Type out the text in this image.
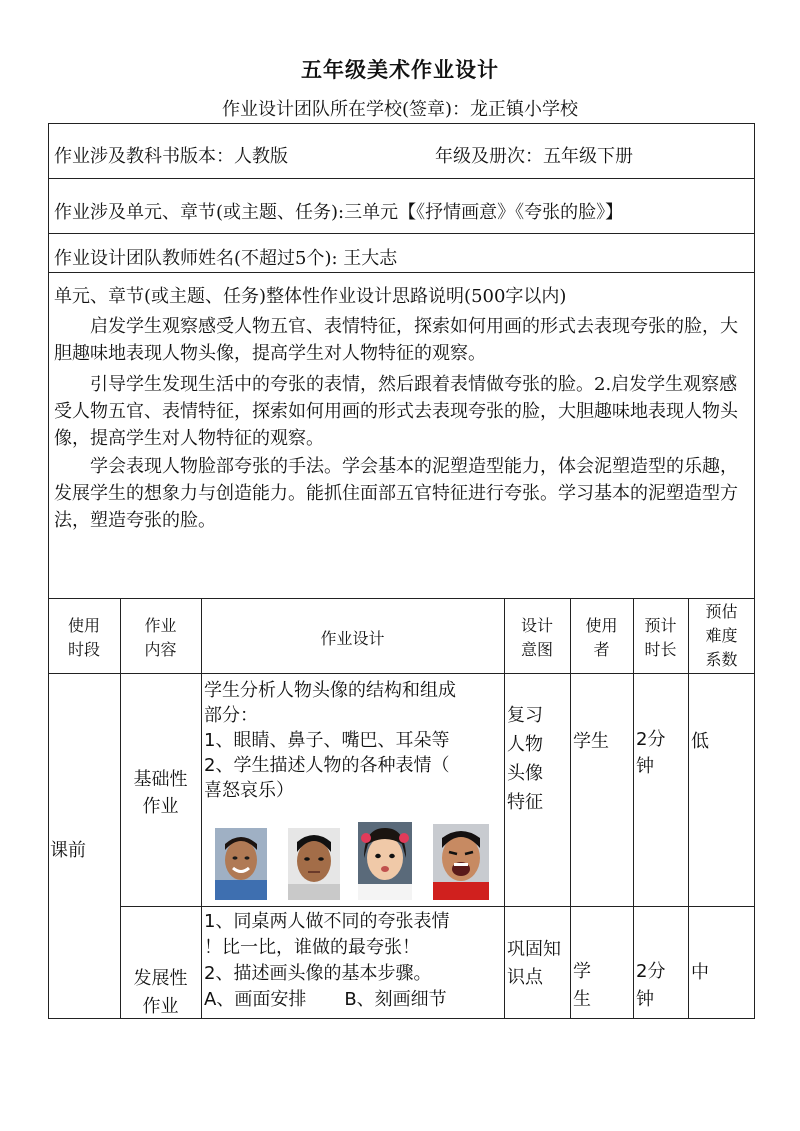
五年级美术作业设计
作业设计团队所在学校(签章)：龙正镇小学校
作业涉及教科书版本：人教版	年级及册次：五年级下册
作业涉及单元、章节(或主题、任务):三单元【《抒情画意》《夸张的脸》】
作业设计团队教师姓名(不超过5个): 王大志
单元、章节(或主题、任务)整体性作业设计思路说明(500字以内)
启发学生观察感受人物五官、表情特征，探索如何用画的形式去表现夸张的脸，大胆趣味地表现人物头像，提高学生对人物特征的观察。
引导学生发现生活中的夸张的表情，然后跟着表情做夸张的脸。2.启发学生观察感受人物五官、表情特征，探索如何用画的形式去表现夸张的脸，大胆趣味地表现人物头像，提高学生对人物特征的观察。
学会表现人物脸部夸张的手法。学会基本的泥塑造型能力，体会泥塑造型的乐趣，发展学生的想象力与创造能力。能抓住面部五官特征进行夸张。学习基本的泥塑造型方法，塑造夸张的脸。
使用
时段
作业
内容
作业设计
设计
意图
使用
者
预计
时长
预估
难度
系数
课前
基础性
作业
学生分析人物头像的结构和组成
部分：
1、眼睛、鼻子、嘴巴、耳朵等
2、学生描述人物的各种表情（
喜怒哀乐）
复习
人物
头像
特征
学生 2分
钟
低
发展性
作业
1、同桌两人做不同的夸张表情
！比一比，谁做的最夸张！
2、描述画头像的基本步骤。
A、画面安排 B、刻画细节
巩固知
识点	学
生
2分
钟
中
